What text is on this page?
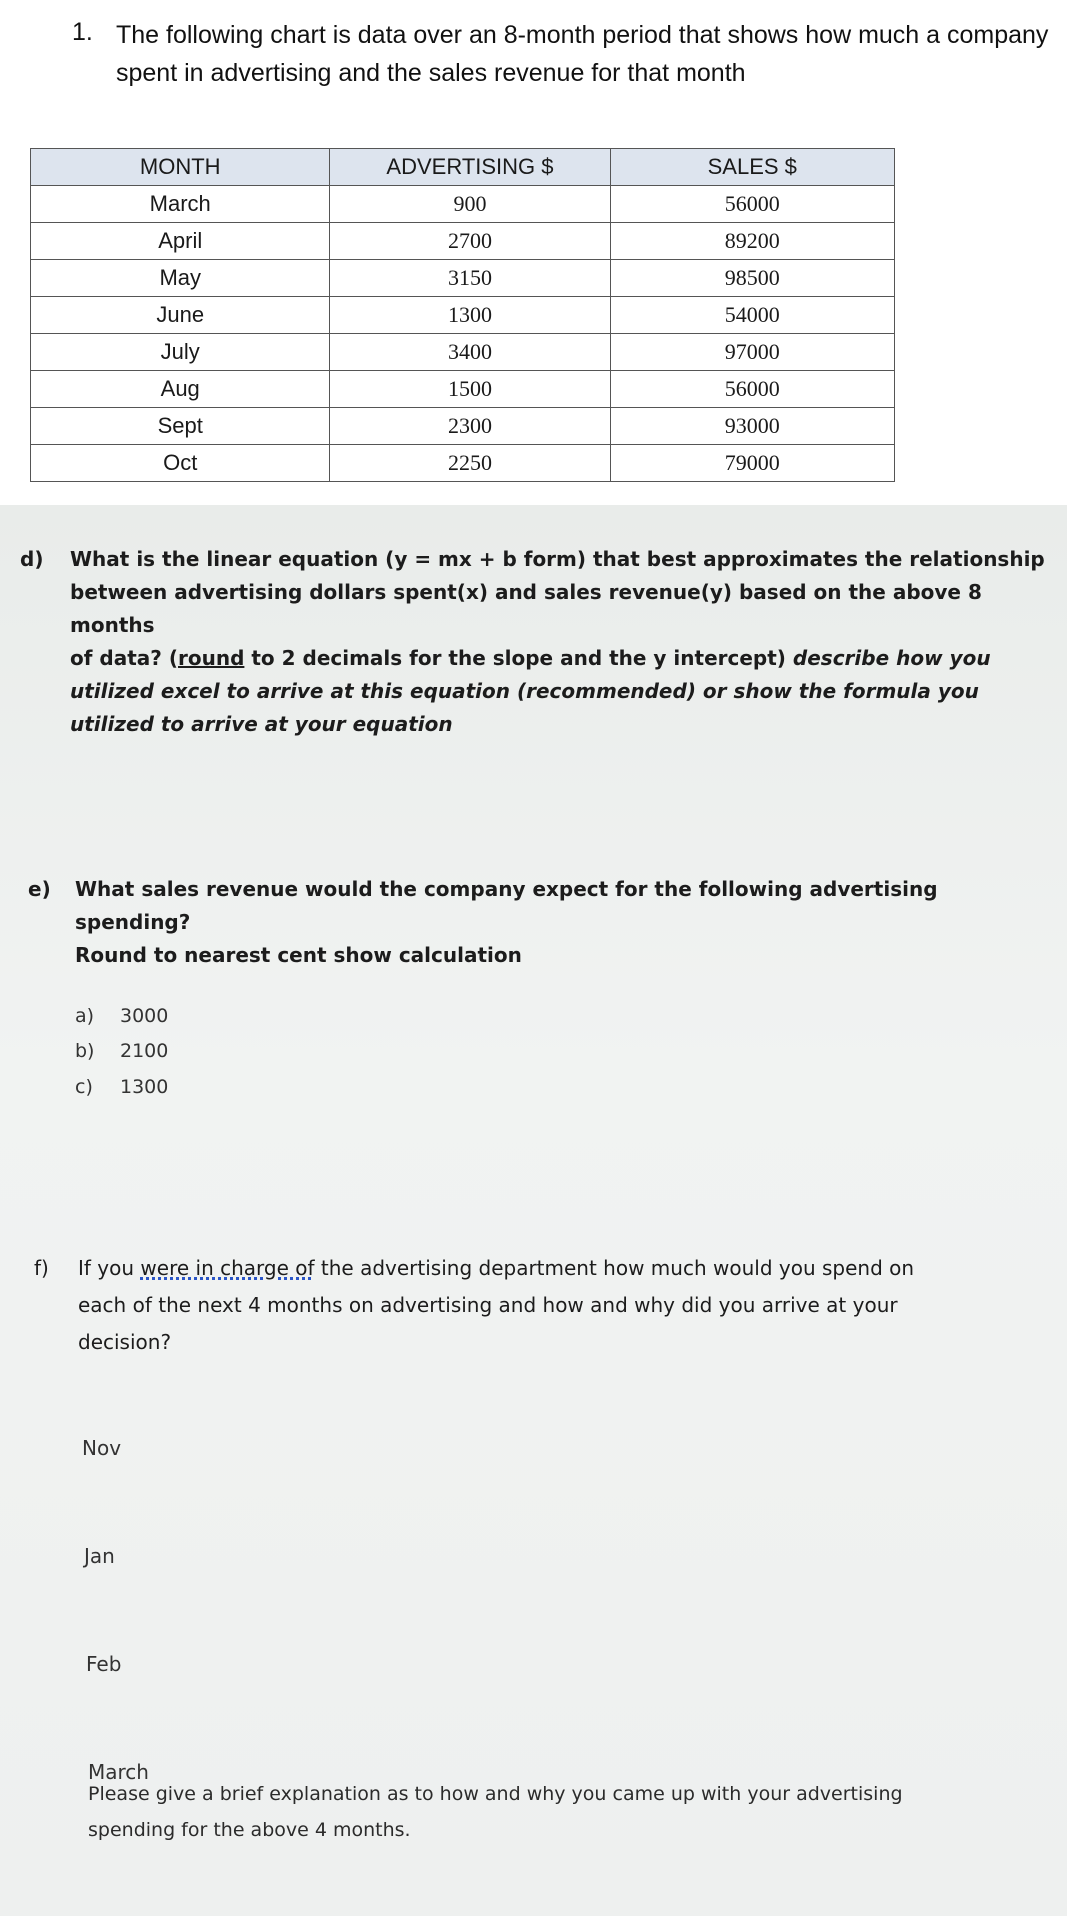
1. The following chart is data over an 8-month period that shows how much a company
spent in advertising and the sales revenue for that month
MONTH	ADVERTISING $	SALES $
March	900	56000
April	2700	89200
May	3150	98500
June	1300	54000
July	3400	97000
Aug	1500	56000
Sept	2300	93000
Oct	2250	79000
d) What is the linear equation (y = mx + b form) that best approximates the relationship
between advertising dollars spent(x) and sales revenue(y) based on the above 8 months
of data? (round to 2 decimals for the slope and the y intercept) describe how you
utilized excel to arrive at this equation (recommended) or show the formula you
utilized to arrive at your equation
e) What sales revenue would the company expect for the following advertising spending?
Round to nearest cent show calculation
a) 3000
b) 2100
c) 1300
f) If you were in charge of the advertising department how much would you spend on
each of the next 4 months on advertising and how and why did you arrive at your
decision?
Nov
Jan
Feb
March
Please give a brief explanation as to how and why you came up with your advertising
spending for the above 4 months.
